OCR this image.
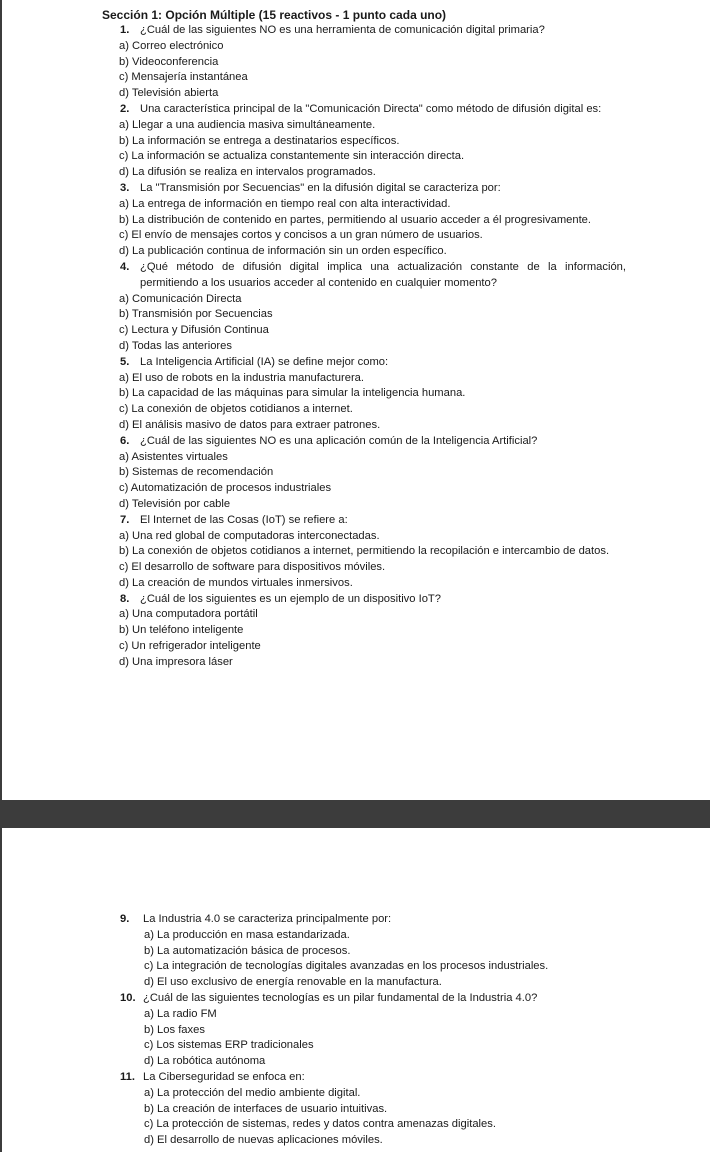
Sección 1: Opción Múltiple (15 reactivos - 1 punto cada uno)
1. ¿Cuál de las siguientes NO es una herramienta de comunicación digital primaria?
a) Correo electrónico
b) Videoconferencia
c) Mensajería instantánea
d) Televisión abierta
2. Una característica principal de la "Comunicación Directa" como método de difusión digital es:
a) Llegar a una audiencia masiva simultáneamente.
b) La información se entrega a destinatarios específicos.
c) La información se actualiza constantemente sin interacción directa.
d) La difusión se realiza en intervalos programados.
3. La "Transmisión por Secuencias" en la difusión digital se caracteriza por:
a) La entrega de información en tiempo real con alta interactividad.
b) La distribución de contenido en partes, permitiendo al usuario acceder a él progresivamente.
c) El envío de mensajes cortos y concisos a un gran número de usuarios.
d) La publicación continua de información sin un orden específico.
4. ¿Qué método de difusión digital implica una actualización constante de la información, permitiendo a los usuarios acceder al contenido en cualquier momento?
a) Comunicación Directa
b) Transmisión por Secuencias
c) Lectura y Difusión Continua
d) Todas las anteriores
5. La Inteligencia Artificial (IA) se define mejor como:
a) El uso de robots en la industria manufacturera.
b) La capacidad de las máquinas para simular la inteligencia humana.
c) La conexión de objetos cotidianos a internet.
d) El análisis masivo de datos para extraer patrones.
6. ¿Cuál de las siguientes NO es una aplicación común de la Inteligencia Artificial?
a) Asistentes virtuales
b) Sistemas de recomendación
c) Automatización de procesos industriales
d) Televisión por cable
7. El Internet de las Cosas (IoT) se refiere a:
a) Una red global de computadoras interconectadas.
b) La conexión de objetos cotidianos a internet, permitiendo la recopilación e intercambio de datos.
c) El desarrollo de software para dispositivos móviles.
d) La creación de mundos virtuales inmersivos.
8. ¿Cuál de los siguientes es un ejemplo de un dispositivo IoT?
a) Una computadora portátil
b) Un teléfono inteligente
c) Un refrigerador inteligente
d) Una impresora láser
9. La Industria 4.0 se caracteriza principalmente por:
a) La producción en masa estandarizada.
b) La automatización básica de procesos.
c) La integración de tecnologías digitales avanzadas en los procesos industriales.
d) El uso exclusivo de energía renovable en la manufactura.
10. ¿Cuál de las siguientes tecnologías es un pilar fundamental de la Industria 4.0?
a) La radio FM
b) Los faxes
c) Los sistemas ERP tradicionales
d) La robótica autónoma
11. La Ciberseguridad se enfoca en:
a) La protección del medio ambiente digital.
b) La creación de interfaces de usuario intuitivas.
c) La protección de sistemas, redes y datos contra amenazas digitales.
d) El desarrollo de nuevas aplicaciones móviles.
